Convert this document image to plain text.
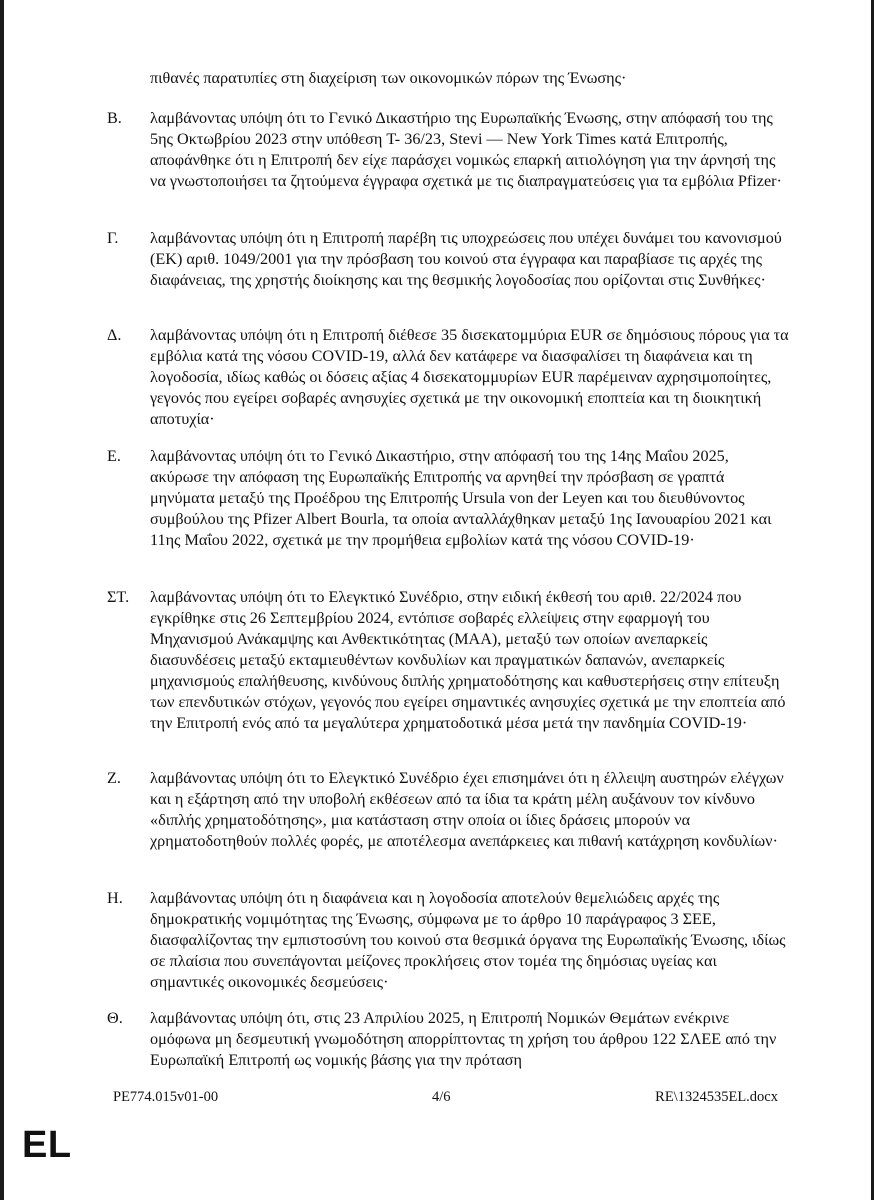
πιθανές παρατυπίες στη διαχείριση των οικονομικών πόρων της Ένωσης·
B. λαμβάνοντας υπόψη ότι το Γενικό Δικαστήριο της Ευρωπαϊκής Ένωσης, στην απόφασή του της 5ης Οκτωβρίου 2023 στην υπόθεση T- 36/23, Stevi — New York Times κατά Επιτροπής, αποφάνθηκε ότι η Επιτροπή δεν είχε παράσχει νομικώς επαρκή αιτιολόγηση για την άρνησή της να γνωστοποιήσει τα ζητούμενα έγγραφα σχετικά με τις διαπραγματεύσεις για τα εμβόλια Pfizer·
Γ. λαμβάνοντας υπόψη ότι η Επιτροπή παρέβη τις υποχρεώσεις που υπέχει δυνάμει του κανονισμού (ΕΚ) αριθ. 1049/2001 για την πρόσβαση του κοινού στα έγγραφα και παραβίασε τις αρχές της διαφάνειας, της χρηστής διοίκησης και της θεσμικής λογοδοσίας που ορίζονται στις Συνθήκες·
Δ. λαμβάνοντας υπόψη ότι η Επιτροπή διέθεσε 35 δισεκατομμύρια EUR σε δημόσιους πόρους για τα εμβόλια κατά της νόσου COVID-19, αλλά δεν κατάφερε να διασφαλίσει τη διαφάνεια και τη λογοδοσία, ιδίως καθώς οι δόσεις αξίας 4 δισεκατομμυρίων EUR παρέμειναν αχρησιμοποίητες, γεγονός που εγείρει σοβαρές ανησυχίες σχετικά με την οικονομική εποπτεία και τη διοικητική αποτυχία·
Ε. λαμβάνοντας υπόψη ότι το Γενικό Δικαστήριο, στην απόφασή του της 14ης Μαΐου 2025, ακύρωσε την απόφαση της Ευρωπαϊκής Επιτροπής να αρνηθεί την πρόσβαση σε γραπτά μηνύματα μεταξύ της Προέδρου της Επιτροπής Ursula von der Leyen και του διευθύνοντος συμβούλου της Pfizer Albert Bourla, τα οποία ανταλλάχθηκαν μεταξύ 1ης Ιανουαρίου 2021 και 11ης Μαΐου 2022, σχετικά με την προμήθεια εμβολίων κατά της νόσου COVID-19·
ΣΤ. λαμβάνοντας υπόψη ότι το Ελεγκτικό Συνέδριο, στην ειδική έκθεσή του αριθ. 22/2024 που εγκρίθηκε στις 26 Σεπτεμβρίου 2024, εντόπισε σοβαρές ελλείψεις στην εφαρμογή του Μηχανισμού Ανάκαμψης και Ανθεκτικότητας (ΜΑΑ), μεταξύ των οποίων ανεπαρκείς διασυνδέσεις μεταξύ εκταμιευθέντων κονδυλίων και πραγματικών δαπανών, ανεπαρκείς μηχανισμούς επαλήθευσης, κινδύνους διπλής χρηματοδότησης και καθυστερήσεις στην επίτευξη των επενδυτικών στόχων, γεγονός που εγείρει σημαντικές ανησυχίες σχετικά με την εποπτεία από την Επιτροπή ενός από τα μεγαλύτερα χρηματοδοτικά μέσα μετά την πανδημία COVID-19·
Ζ. λαμβάνοντας υπόψη ότι το Ελεγκτικό Συνέδριο έχει επισημάνει ότι η έλλειψη αυστηρών ελέγχων και η εξάρτηση από την υποβολή εκθέσεων από τα ίδια τα κράτη μέλη αυξάνουν τον κίνδυνο «διπλής χρηματοδότησης», μια κατάσταση στην οποία οι ίδιες δράσεις μπορούν να χρηματοδοτηθούν πολλές φορές, με αποτέλεσμα ανεπάρκειες και πιθανή κατάχρηση κονδυλίων·
Η. λαμβάνοντας υπόψη ότι η διαφάνεια και η λογοδοσία αποτελούν θεμελιώδεις αρχές της δημοκρατικής νομιμότητας της Ένωσης, σύμφωνα με το άρθρο 10 παράγραφος 3 ΣΕΕ, διασφαλίζοντας την εμπιστοσύνη του κοινού στα θεσμικά όργανα της Ευρωπαϊκής Ένωσης, ιδίως σε πλαίσια που συνεπάγονται μείζονες προκλήσεις στον τομέα της δημόσιας υγείας και σημαντικές οικονομικές δεσμεύσεις·
Θ. λαμβάνοντας υπόψη ότι, στις 23 Απριλίου 2025, η Επιτροπή Νομικών Θεμάτων ενέκρινε ομόφωνα μη δεσμευτική γνωμοδότηση απορρίπτοντας τη χρήση του άρθρου 122 ΣΛΕΕ από την Ευρωπαϊκή Επιτροπή ως νομικής βάσης για την πρόταση
PE774.015v01-00	4/6	RE\1324535EL.docx
EL
